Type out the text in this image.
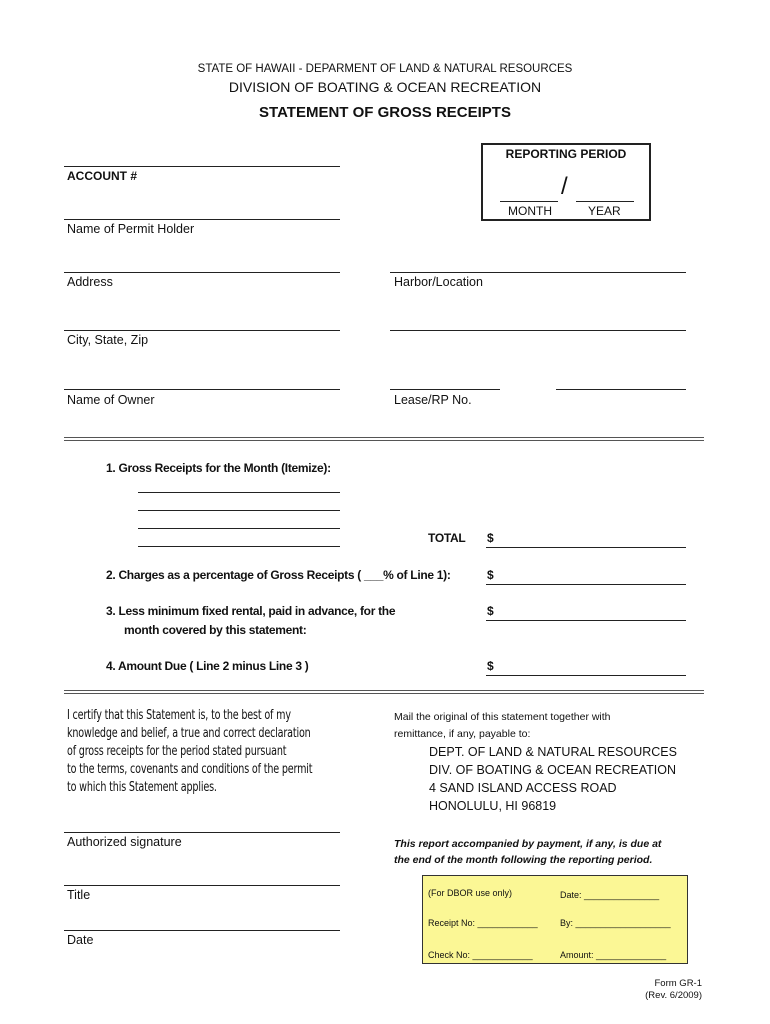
STATE OF HAWAII - DEPARMENT OF LAND & NATURAL RESOURCES
DIVISION OF BOATING & OCEAN RECREATION
STATEMENT OF GROSS RECEIPTS
REPORTING PERIOD
/
MONTH	YEAR
ACCOUNT #
Name of Permit Holder
Address	Harbor/Location
City, State, Zip
Name of Owner	Lease/RP No.
1. Gross Receipts for the Month (Itemize):
TOTAL $
2. Charges as a percentage of Gross Receipts ( ___% of Line 1):	$
3. Less minimum fixed rental, paid in advance, for the
month covered by this statement:
$
4. Amount Due ( Line 2 minus Line 3 )	$
I certify that this Statement is, to the best of my
knowledge and belief, a true and correct declaration
of gross receipts for the period stated pursuant
to the terms, covenants and conditions of the permit
to which this Statement applies.
Mail the original of this statement together with
remittance, if any, payable to:
DEPT. OF LAND & NATURAL RESOURCES
DIV. OF BOATING & OCEAN RECREATION
4 SAND ISLAND ACCESS ROAD
HONOLULU, HI 96819
Authorized signature
Title
Date
This report accompanied by payment, if any, is due at
the end of the month following the reporting period.
(For DBOR use only)	Date: _______________
Receipt No: ____________ By: ___________________
Check No: ____________	Amount: ______________
Form GR-1
(Rev. 6/2009)
